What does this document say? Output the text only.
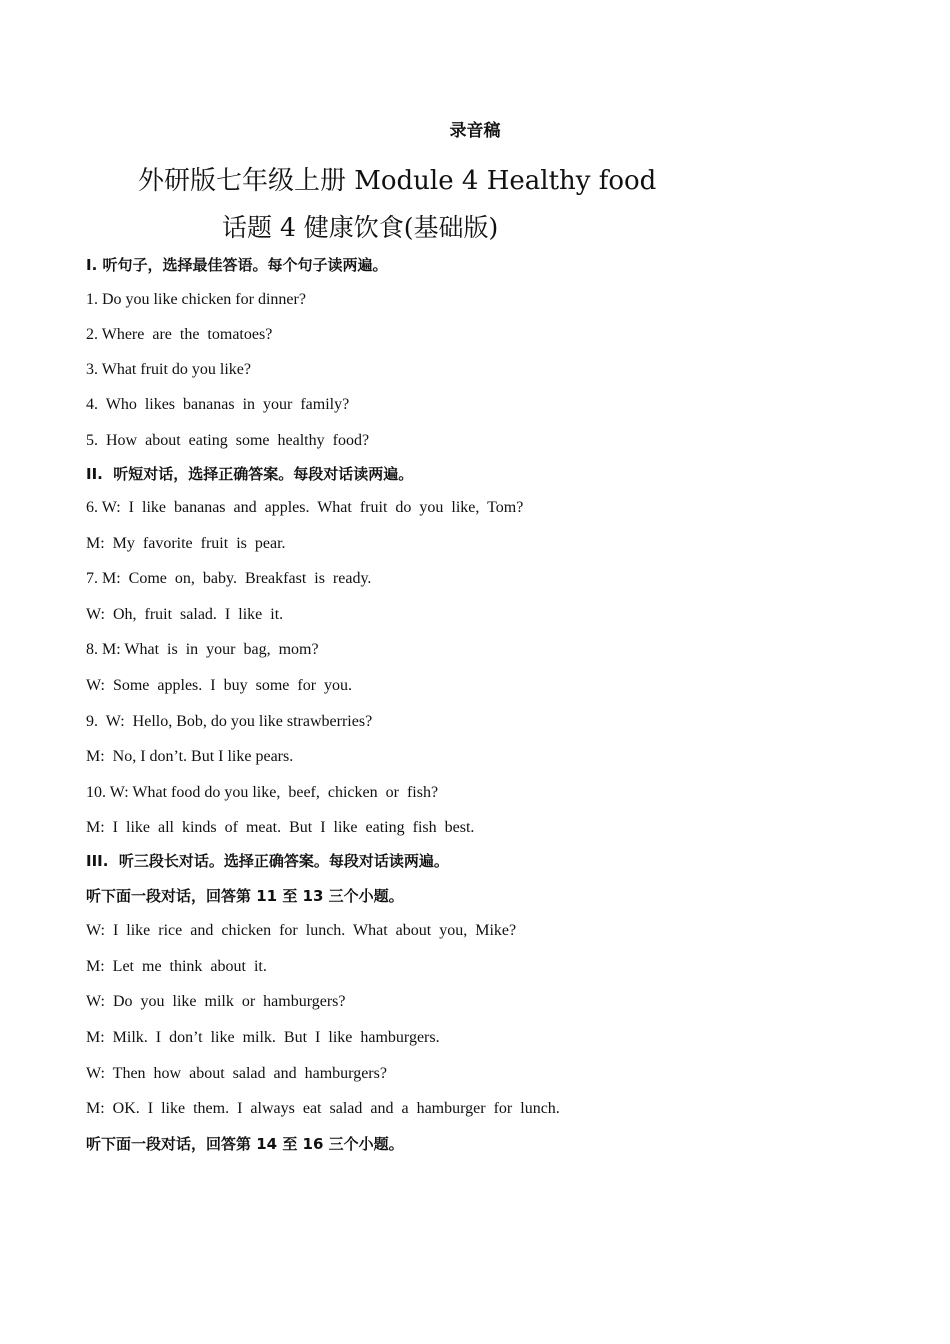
录音稿
外研版七年级上册 Module 4 Healthy food
话题 4 健康饮食(基础版)
Ⅰ. 听句子，选择最佳答语。每个句子读两遍。
1. Do you like chicken for dinner?
2. Where  are  the  tomatoes?
3. What fruit do you like?
4.  Who  likes  bananas  in  your  family?
5.  How  about  eating  some  healthy  food?
II.  听短对话，选择正确答案。每段对话读两遍。
6. W:  I  like  bananas  and  apples.  What  fruit  do  you  like,  Tom?
M:  My  favorite  fruit  is  pear.
7. M:  Come  on,  baby.  Breakfast  is  ready.
W:  Oh,  fruit  salad.  I  like  it.
8. M: What  is  in  your  bag,  mom?
W:  Some  apples.  I  buy  some  for  you.
9.  W:  Hello, Bob, do you like strawberries?
M:  No, I don’t. But I like pears.
10. W: What food do you like,  beef,  chicken  or  fish?
M:  I  like  all  kinds  of  meat.  But  I  like  eating  fish  best.
III.  听三段长对话。选择正确答案。每段对话读两遍。
听下面一段对话，回答第 11 至 13 三个小题。
W:  I  like  rice  and  chicken  for  lunch.  What  about  you,  Mike?
M:  Let  me  think  about  it.
W:  Do  you  like  milk  or  hamburgers?
M:  Milk.  I  don’t  like  milk.  But  I  like  hamburgers.
W:  Then  how  about  salad  and  hamburgers?
M:  OK.  I  like  them.  I  always  eat  salad  and  a  hamburger  for  lunch.
听下面一段对话，回答第 14 至 16 三个小题。
